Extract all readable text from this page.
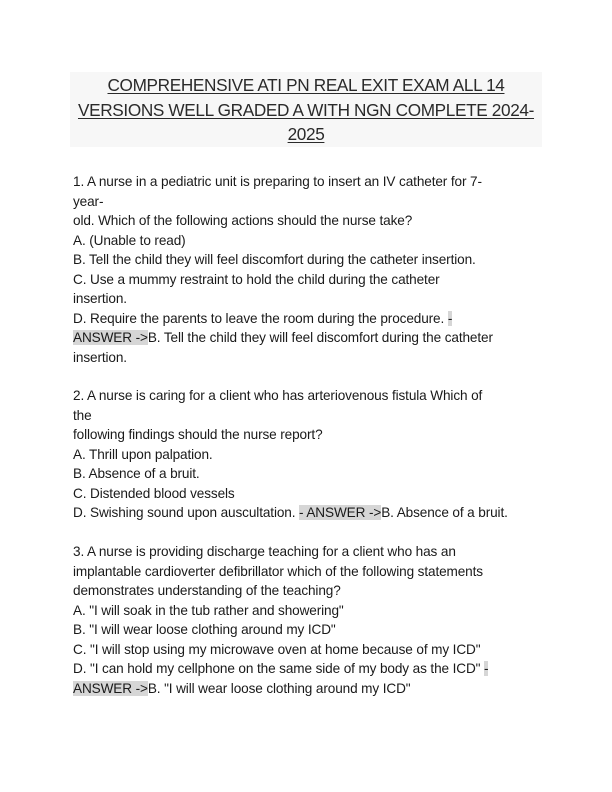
COMPREHENSIVE ATI PN REAL EXIT EXAM ALL 14
VERSIONS WELL GRADED A WITH NGN COMPLETE 2024-
2025
1. A nurse in a pediatric unit is preparing to insert an IV catheter for 7-
year-
old. Which of the following actions should the nurse take?
A. (Unable to read)
B. Tell the child they will feel discomfort during the catheter insertion.
C. Use a mummy restraint to hold the child during the catheter
insertion.
D. Require the parents to leave the room during the procedure. -
ANSWER ->B. Tell the child they will feel discomfort during the catheter
insertion.
2. A nurse is caring for a client who has arteriovenous fistula Which of
the
following findings should the nurse report?
A. Thrill upon palpation.
B. Absence of a bruit.
C. Distended blood vessels
D. Swishing sound upon auscultation. - ANSWER ->B. Absence of a bruit.
3. A nurse is providing discharge teaching for a client who has an
implantable cardioverter defibrillator which of the following statements
demonstrates understanding of the teaching?
A. "I will soak in the tub rather and showering"
B. "I will wear loose clothing around my ICD"
C. "I will stop using my microwave oven at home because of my ICD"
D. "I can hold my cellphone on the same side of my body as the ICD" -
ANSWER ->B. "I will wear loose clothing around my ICD"
